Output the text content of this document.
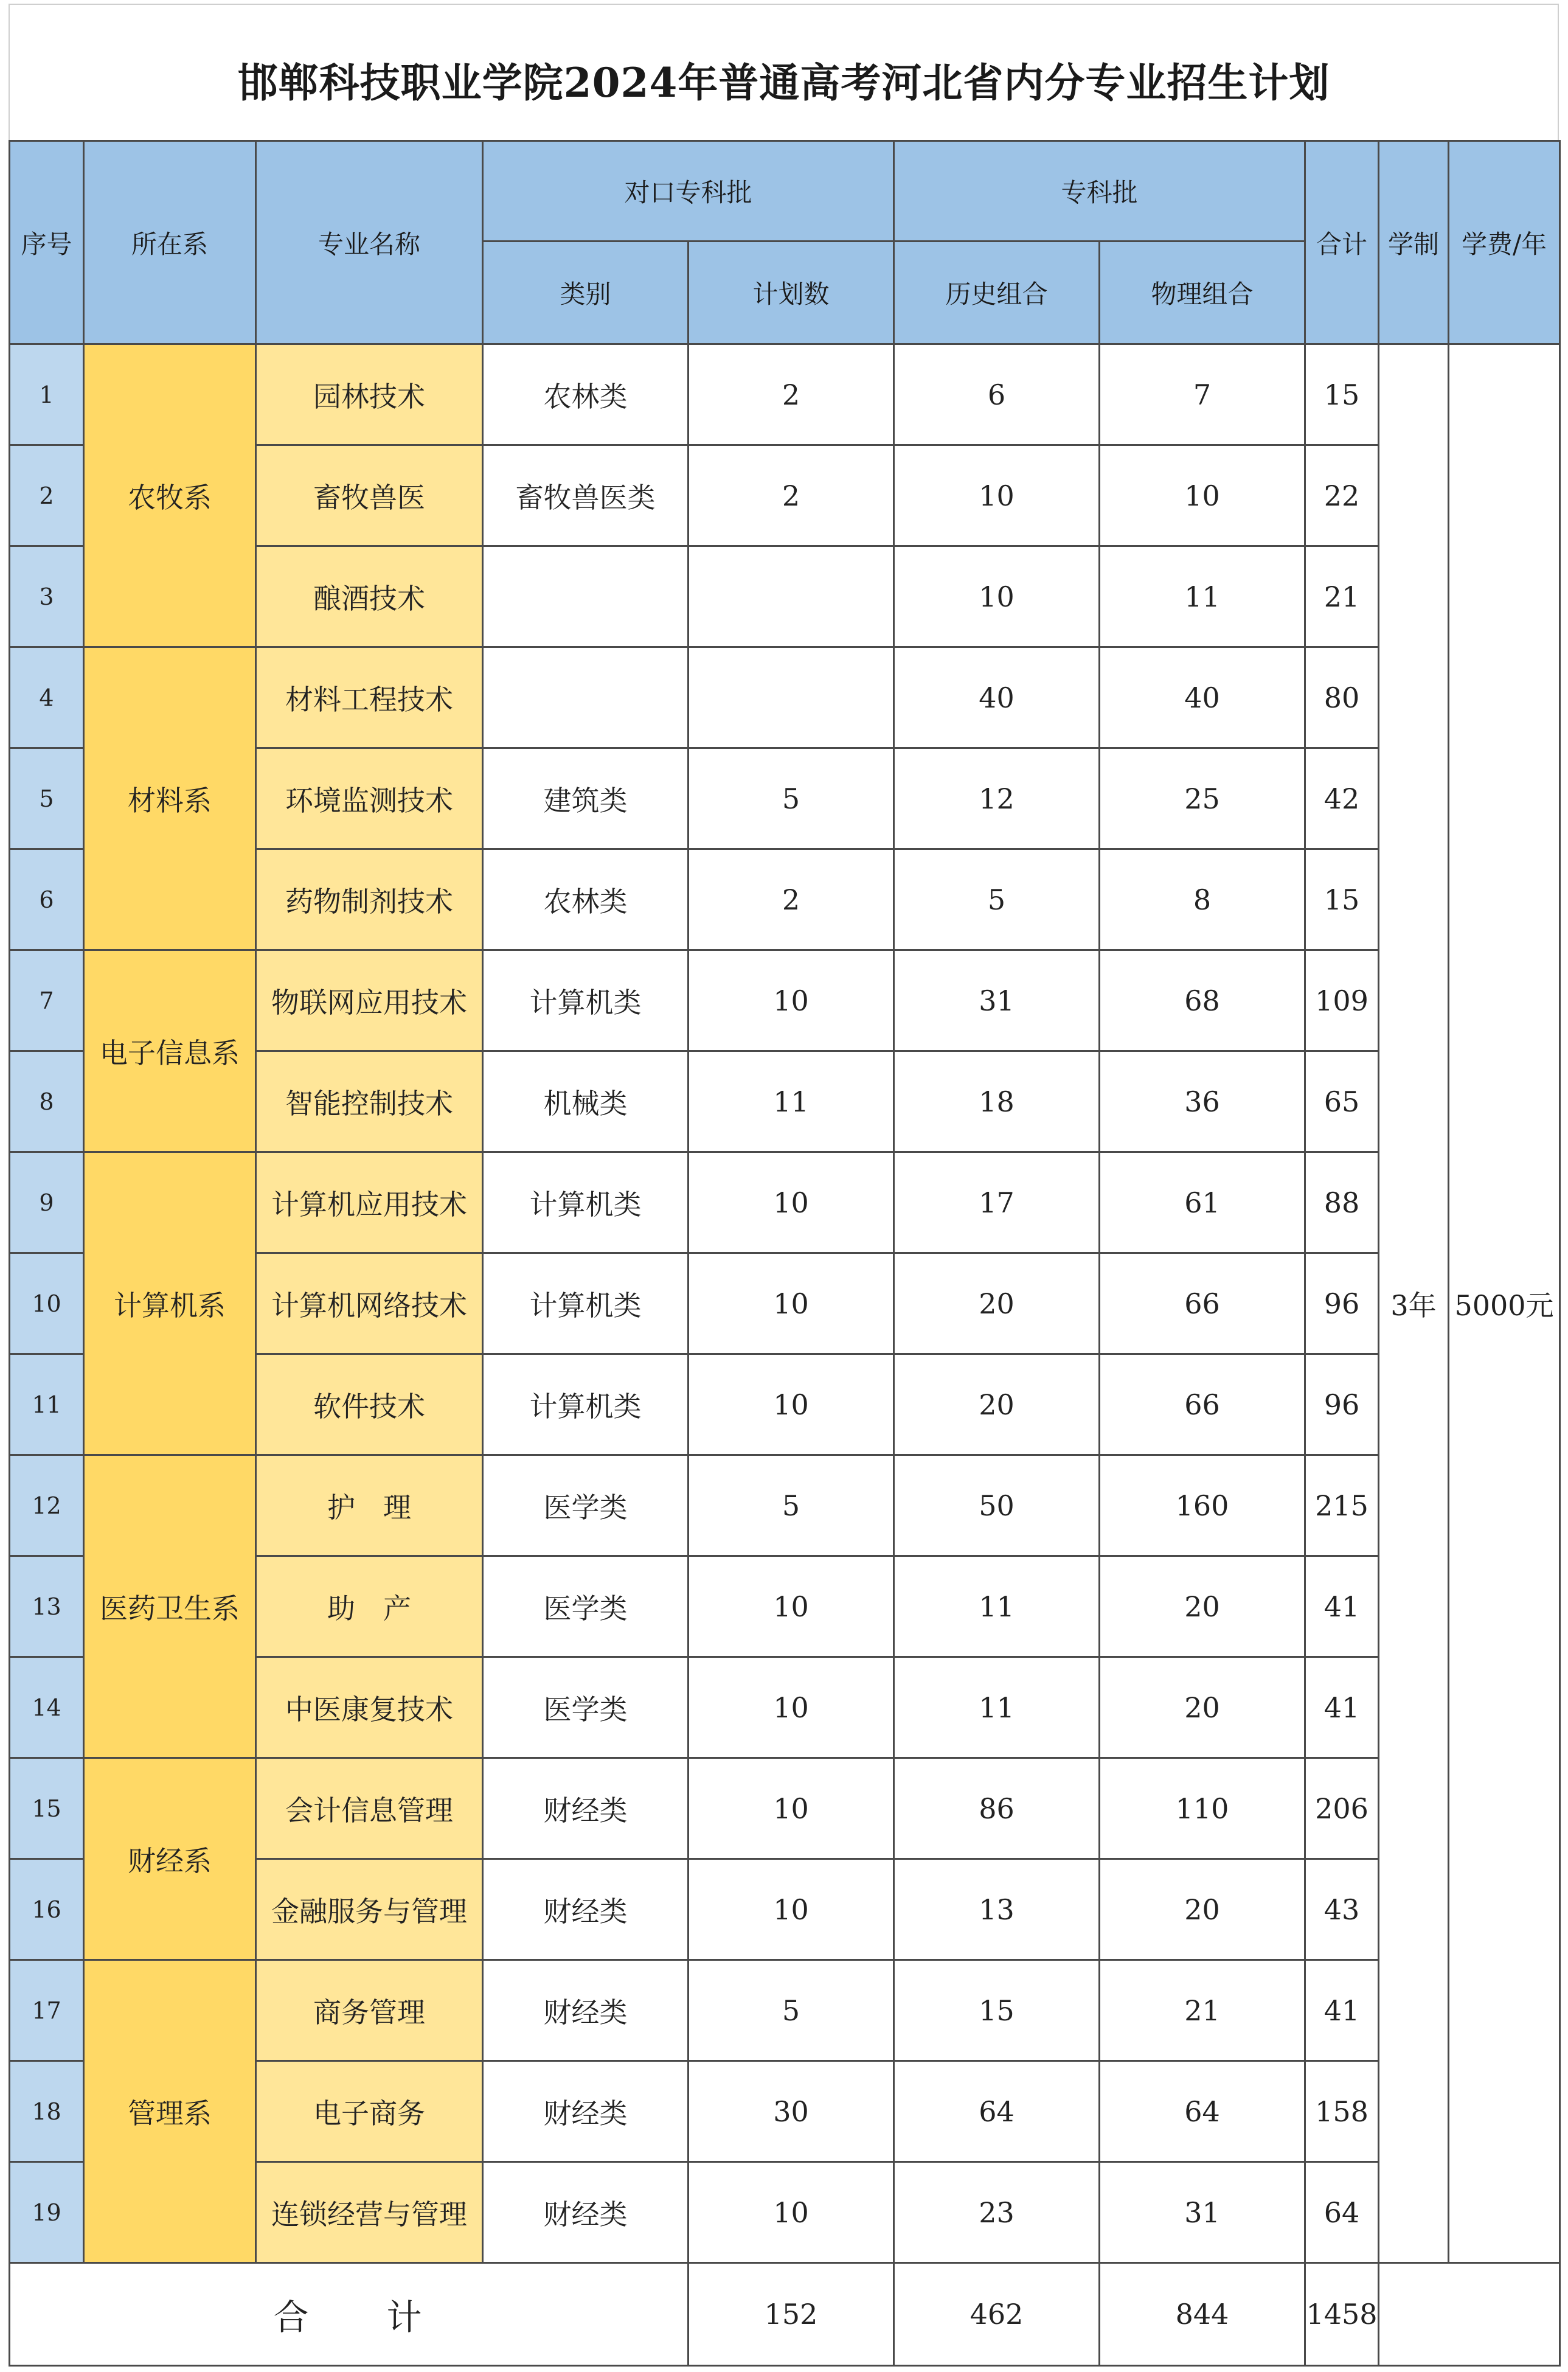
邯郸科技职业学院2024年普通高考河北省内分专业招生计划
序号	所在系	专业名称	对口专科批		专科批		合计	学制	学费/年
			类别	计划数	历史组合	物理组合			
1	农牧系	园林技术	农林类	2	6	7	15	3年	5000元
2		畜牧兽医	畜牧兽医类	2	10	10	22		
3		酿酒技术			10	11	21		
4	材料系	材料工程技术			40	40	80		
5		环境监测技术	建筑类	5	12	25	42		
6		药物制剂技术	农林类	2	5	8	15		
7	电子信息系	物联网应用技术	计算机类	10	31	68	109		
8		智能控制技术	机械类	11	18	36	65		
9	计算机系	计算机应用技术	计算机类	10	17	61	88		
10		计算机网络技术	计算机类	10	20	66	96		
11		软件技术	计算机类	10	20	66	96		
12	医药卫生系	护　理	医学类	5	50	160	215		
13		助　产	医学类	10	11	20	41		
14		中医康复技术	医学类	10	11	20	41		
15	财经系	会计信息管理	财经类	10	86	110	206		
16		金融服务与管理	财经类	10	13	20	43		
17	管理系	商务管理	财经类	5	15	21	41		
18		电子商务	财经类	30	64	64	158		
19		连锁经营与管理	财经类	10	23	31	64		
合　　计				152	462	844	1458		
